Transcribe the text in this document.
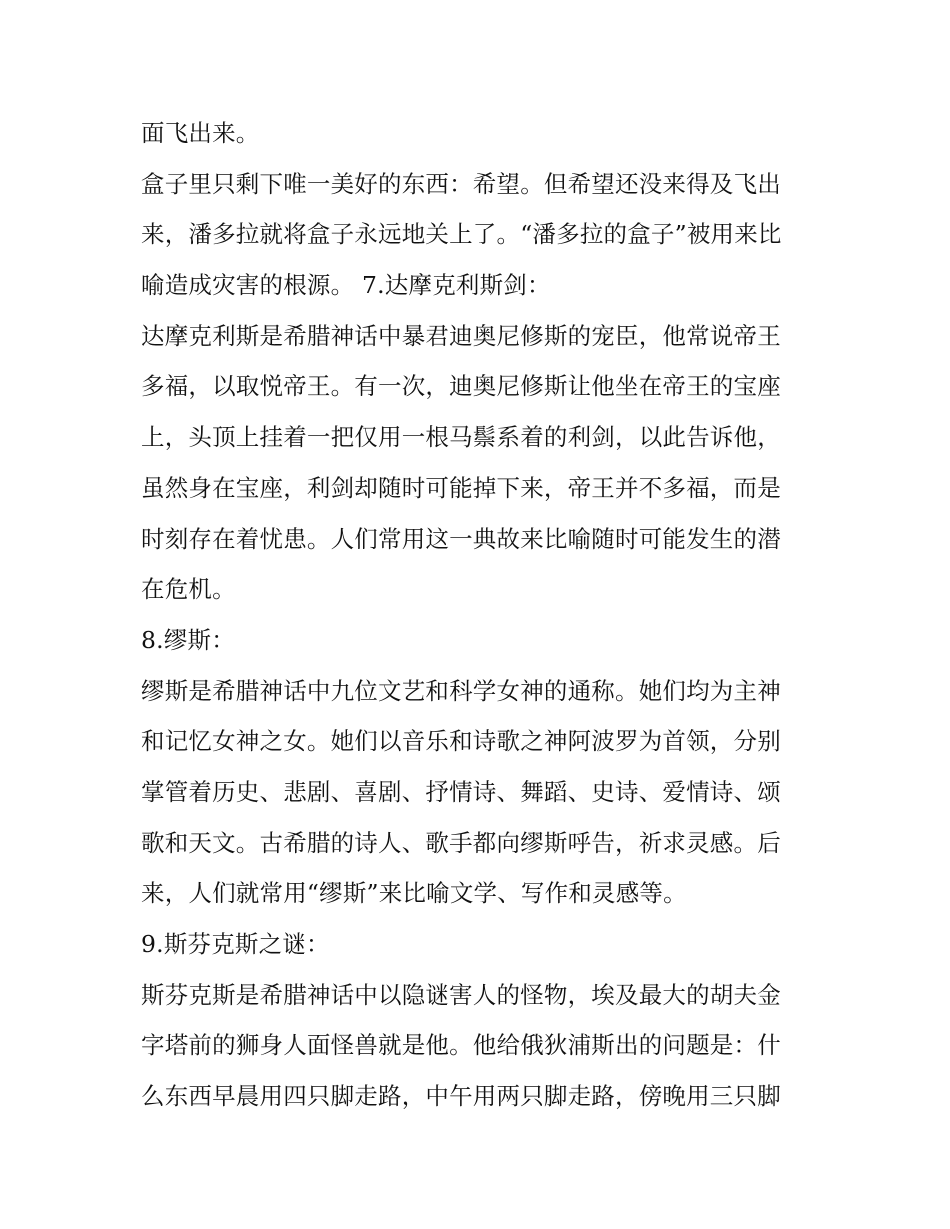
面飞出来。
盒子里只剩下唯一美好的东西：希望。但希望还没来得及飞出
来，潘多拉就将盒子永远地关上了。“潘多拉的盒子”被用来比
喻造成灾害的根源。 7.达摩克利斯剑：
达摩克利斯是希腊神话中暴君迪奥尼修斯的宠臣，他常说帝王
多福，以取悦帝王。有一次，迪奥尼修斯让他坐在帝王的宝座
上，头顶上挂着一把仅用一根马鬃系着的利剑，以此告诉他，
虽然身在宝座，利剑却随时可能掉下来，帝王并不多福，而是
时刻存在着忧患。人们常用这一典故来比喻随时可能发生的潜
在危机。
8.缪斯：
缪斯是希腊神话中九位文艺和科学女神的通称。她们均为主神
和记忆女神之女。她们以音乐和诗歌之神阿波罗为首领，分别
掌管着历史、悲剧、喜剧、抒情诗、舞蹈、史诗、爱情诗、颂
歌和天文。古希腊的诗人、歌手都向缪斯呼告，祈求灵感。后
来，人们就常用“缪斯”来比喻文学、写作和灵感等。
9.斯芬克斯之谜：
斯芬克斯是希腊神话中以隐谜害人的怪物，埃及最大的胡夫金
字塔前的狮身人面怪兽就是他。他给俄狄浦斯出的问题是：什
么东西早晨用四只脚走路，中午用两只脚走路，傍晚用三只脚
